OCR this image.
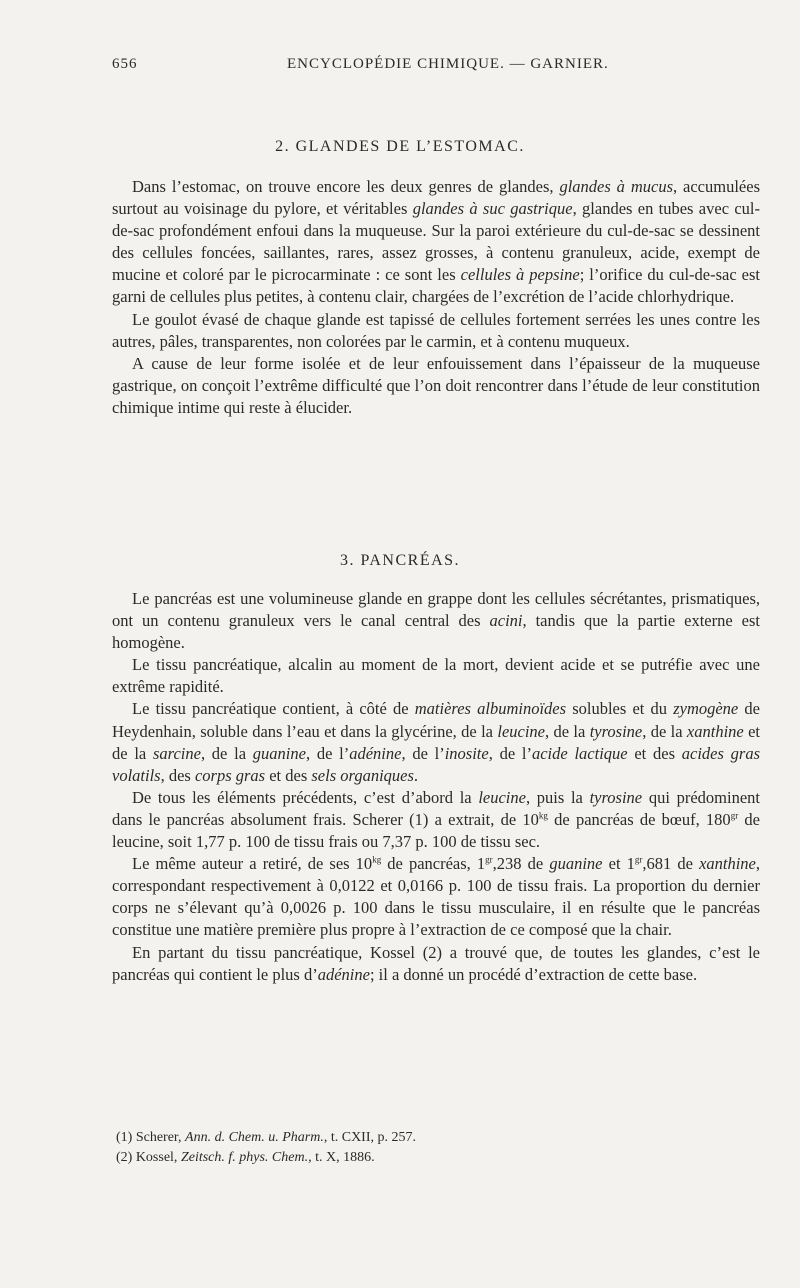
656	ENCYCLOPÉDIE CHIMIQUE. — GARNIER.
2. GLANDES DE L’ESTOMAC.

Dans l’estomac, on trouve encore les deux genres de glandes, glandes à mucus, accumulées surtout au voisinage du pylore, et véritables glandes à suc gastrique, glandes en tubes avec cul-de-sac profondément enfoui dans la muqueuse. Sur la paroi extérieure du cul-de-sac se dessinent des cellules foncées, saillantes, rares, assez grosses, à contenu granuleux, acide, exempt de mucine et coloré par le picrocarminate : ce sont les cellules à pepsine; l’orifice du cul-de-sac est garni de cellules plus petites, à contenu clair, chargées de l’excrétion de l’acide chlorhydrique.

Le goulot évasé de chaque glande est tapissé de cellules fortement serrées les unes contre les autres, pâles, transparentes, non colorées par le carmin, et à contenu muqueux.

A cause de leur forme isolée et de leur enfouissement dans l’épaisseur de la muqueuse gastrique, on conçoit l’extrême difficulté que l’on doit rencontrer dans l’étude de leur constitution chimique intime qui reste à élucider.

3. PANCRÉAS.

Le pancréas est une volumineuse glande en grappe dont les cellules sécrétantes, prismatiques, ont un contenu granuleux vers le canal central des acini, tandis que la partie externe est homogène.

Le tissu pancréatique, alcalin au moment de la mort, devient acide et se putréfie avec une extrême rapidité.

Le tissu pancréatique contient, à côté de matières albuminoïdes solubles et du zymogène de Heydenhain, soluble dans l’eau et dans la glycérine, de la leucine, de la tyrosine, de la xanthine et de la sarcine, de la guanine, de l’adénine, de l’inosite, de l’acide lactique et des acides gras volatils, des corps gras et des sels organiques.

De tous les éléments précédents, c’est d’abord la leucine, puis la tyrosine qui prédominent dans le pancréas absolument frais. Scherer (1) a extrait, de $10^{kg}$ de pancréas de bœuf, $180^{gr}$ de leucine, soit 1,77 p. 100 de tissu frais ou 7,37 p. 100 de tissu sec.

Le même auteur a retiré, de ses $10^{kg}$ de pancréas, $1^{gr},238$ de guanine et $1^{gr},681$ de xanthine, correspondant respectivement à 0,0122 et 0,0166 p. 100 de tissu frais. La proportion du dernier corps ne s’élevant qu’à 0,0026 p. 100 dans le tissu musculaire, il en résulte que le pancréas constitue une matière première plus propre à l’extraction de ce composé que la chair.

En partant du tissu pancréatique, Kossel (2) a trouvé que, de toutes les glandes, c’est le pancréas qui contient le plus d’adénine; il a donné un procédé d’extraction de cette base.

(1) Scherer, Ann. d. Chem. u. Pharm., t. CXII, p. 257.

(2) Kossel, Zeitsch. f. phys. Chem., t. X, 1886.
